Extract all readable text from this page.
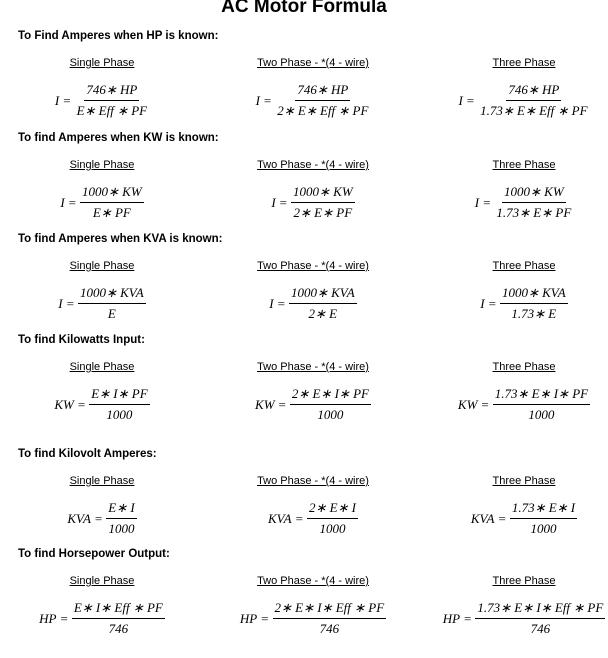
AC Motor Formula
To Find Amperes when HP is known:
Single Phase
$I = \frac{746∗ HP}{\text{E∗ Eff ∗ PF}}$
Two Phase - *(4 - wire)
$I = \frac{746∗ HP}{\text{2∗ E∗ Eff ∗ PF}}$
Three Phase
$I = \frac{746∗ HP}{\text{1.73∗ E∗ Eff ∗ PF}}$
To find Amperes when KW is known:
Single Phase
$I = \frac{1000∗ KW}{E∗ PF}$
Two Phase - *(4 - wire)
$I = \frac{1000∗ KW}{2∗ E∗ PF}$
Three Phase
$I = \frac{1000∗ KW}{1.73∗ E∗ PF}$
To find Amperes when KVA is known:
Single Phase
$I = \frac{\text{1000∗ KVA}}{E}$
Two Phase - *(4 - wire)
$I = \frac{\text{1000∗ KVA}}{2∗ E}$
Three Phase
$I = \frac{\text{1000∗ KVA}}{1.73∗ E}$
To find Kilowatts Input:
Single Phase
KW = $\frac{E∗ I∗ PF}{1000}$
Two Phase - *(4 - wire)
KW = $\frac{2∗ E∗ I∗ PF}{1000}$
Three Phase
KW = $\frac{1.73∗ E∗ I∗ PF}{1000}$
To find Kilovolt Amperes:
Single Phase
KVA = $\frac{E∗ I}{1000}$
Two Phase - *(4 - wire)
KVA = $\frac{2∗ E∗ I}{1000}$
Three Phase
KVA = $\frac{1.73∗ E∗ I}{1000}$
To find Horsepower Output:
Single Phase
HP = $\frac{\text{E∗ I∗ Eff ∗ PF}}{746}$
Two Phase - *(4 - wire)
HP = $\frac{\text{2∗ E∗ I∗ Eff ∗ PF}}{746}$
Three Phase
HP = $\frac{\text{1.73∗ E∗ I∗ Eff ∗ PF}}{746}$
